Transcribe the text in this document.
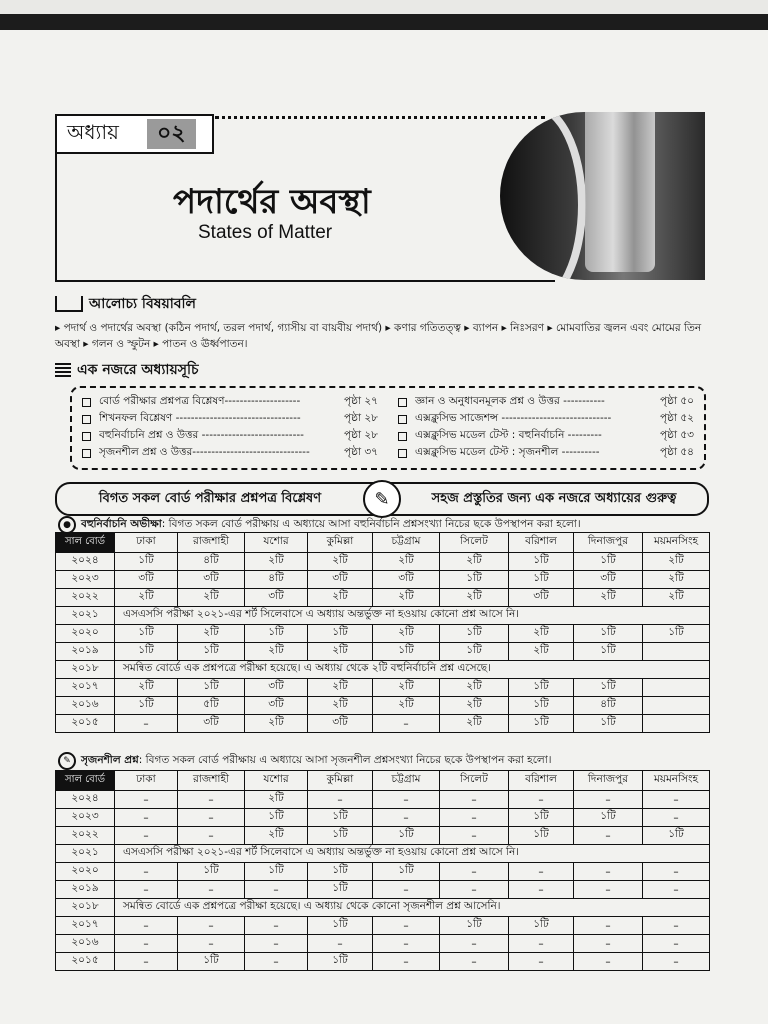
অধ্যায়	০২
পদার্থের অবস্থা
States of Matter
আলোচ্য বিষয়াবলি
▸ পদার্থ ও পদার্থের অবস্থা (কঠিন পদার্থ, তরল পদার্থ, গ্যাসীয় বা বায়বীয় পদার্থ) ▸ কণার গতিতত্ত্ব ▸ ব্যাপন ▸ নিঃসরণ ▸ মোমবাতির জ্বলন এবং মোমের তিন অবস্থা ▸ গলন ও স্ফুটন ▸ পাতন ও ঊর্ধ্বপাতন।
এক নজরে অধ্যায়সূচি
বোর্ড পরীক্ষার প্রশ্নপত্র বিশ্লেষণ--------------------	পৃষ্ঠা ২৭
শিখনফল বিশ্লেষণ ---------------------------------	পৃষ্ঠা ২৮
বহুনির্বাচনি প্রশ্ন ও উত্তর ---------------------------	পৃষ্ঠা ২৮
সৃজনশীল প্রশ্ন ও উত্তর-------------------------------	পৃষ্ঠা ৩৭
জ্ঞান ও অনুধাবনমূলক প্রশ্ন ও উত্তর -----------	পৃষ্ঠা ৫০
এক্সক্লুসিভ সাজেশন্স -----------------------------	পৃষ্ঠা ৫২
এক্সক্লুসিভ মডেল টেস্ট : বহুনির্বাচনি ---------	পৃষ্ঠা ৫৩
এক্সক্লুসিভ মডেল টেস্ট : সৃজনশীল ----------	পৃষ্ঠা ৫৪
বিগত সকল বোর্ড পরীক্ষার প্রশ্নপত্র বিশ্লেষণ	✎	সহজ প্রস্তুতির জন্য এক নজরে অধ্যায়ের গুরুত্ব
● বহুনির্বাচনি অভীক্ষা : বিগত সকল বোর্ড পরীক্ষায় এ অধ্যায়ে আসা বহুনির্বাচনি প্রশ্নসংখ্যা নিচের ছকে উপস্থাপন করা হলো।
সাল বোর্ড	ঢাকা	রাজশাহী	যশোর	কুমিল্লা	চট্টগ্রাম	সিলেট	বরিশাল	দিনাজপুর	ময়মনসিংহ
২০২৪	১টি	৪টি	২টি	২টি	২টি	২টি	১টি	১টি	২টি
২০২৩	৩টি	৩টি	৪টি	৩টি	৩টি	১টি	১টি	৩টি	২টি
২০২২	২টি	২টি	৩টি	২টি	২টি	২টি	৩টি	২টি	২টি
২০২১	এসএসসি পরীক্ষা ২০২১-এর শর্ট সিলেবাসে এ অধ্যায় অন্তর্ভুক্ত না হওয়ায় কোনো প্রশ্ন আসে নি।								
২০২০	১টি	২টি	১টি	১টি	২টি	১টি	২টি	১টি	১টি
২০১৯	১টি	১টি	২টি	২টি	১টি	১টি	২টি	১টি	
২০১৮	সমন্বিত বোর্ডে এক প্রশ্নপত্রে পরীক্ষা হয়েছে। এ অধ্যায় থেকে ২টি বহুনির্বাচনি প্রশ্ন এসেছে।								
২০১৭	২টি	১টি	৩টি	২টি	২টি	২টি	১টি	১টি	
২০১৬	১টি	৫টি	৩টি	২টি	২টি	২টি	১টি	৪টি	
২০১৫	–	৩টি	২টি	৩টি	–	২টি	১টি	১টি	
✎ সৃজনশীল প্রশ্ন : বিগত সকল বোর্ড পরীক্ষায় এ অধ্যায়ে আসা সৃজনশীল প্রশ্নসংখ্যা নিচের ছকে উপস্থাপন করা হলো।
সাল বোর্ড	ঢাকা	রাজশাহী	যশোর	কুমিল্লা	চট্টগ্রাম	সিলেট	বরিশাল	দিনাজপুর	ময়মনসিংহ
২০২৪	–	–	২টি	–	–	–	–	–	–
২০২৩	–	–	১টি	১টি	–	–	১টি	১টি	–
২০২২	–	–	২টি	১টি	১টি	–	১টি	–	১টি
২০২১	এসএসসি পরীক্ষা ২০২১-এর শর্ট সিলেবাসে এ অধ্যায় অন্তর্ভুক্ত না হওয়ায় কোনো প্রশ্ন আসে নি।								
২০২০	–	১টি	১টি	১টি	১টি	–	–	–	–
২০১৯	–	–	–	১টি	–	–	–	–	–
২০১৮	সমন্বিত বোর্ডে এক প্রশ্নপত্রে পরীক্ষা হয়েছে। এ অধ্যায় থেকে কোনো সৃজনশীল প্রশ্ন আসেনি।								
২০১৭	–	–	–	১টি	–	১টি	১টি	–	–
২০১৬	–	–	–	–	–	–	–	–	–
২০১৫	–	১টি	–	১টি	–	–	–	–	–
